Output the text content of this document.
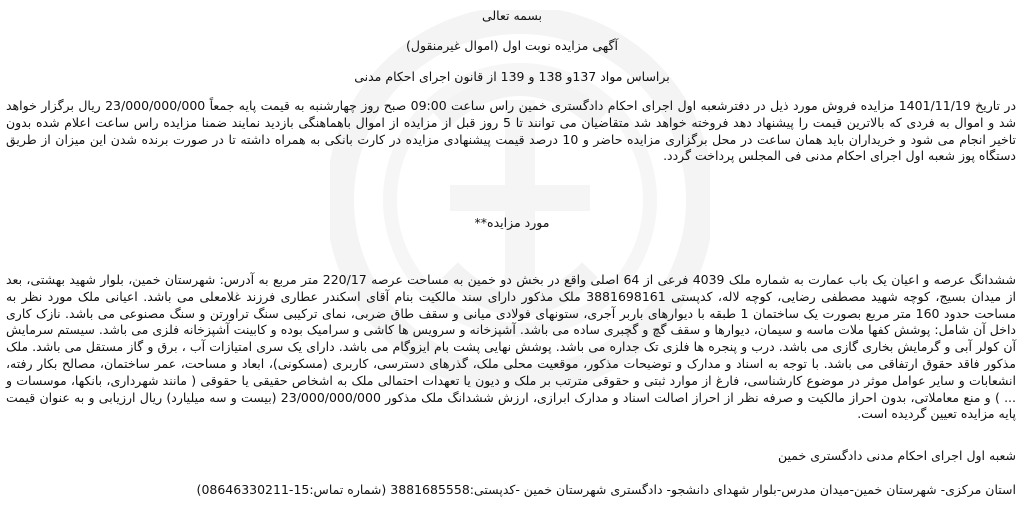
بسمه تعالی
آگهی مزایده نوبت اول (اموال غیرمنقول)
براساس مواد 137و 138 و 139 از قانون اجرای احکام مدنی
در تاریخ 1401/11/19 مزایده فروش مورد ذیل در دفترشعبه اول اجرای احکام دادگستری خمین راس ساعت 09:00 صبح روز چهارشنبه به قیمت پایه جمعاً 23/000/000/000 ریال برگزار خواهد شد و اموال به فردی که بالاترین قیمت را پیشنهاد دهد فروخته خواهد شد متقاضیان می توانند تا 5 روز قبل از مزایده از اموال باهماهنگی بازدید نمایند ضمنا مزایده راس ساعت اعلام شده بدون تاخیر انجام می شود و خریداران باید همان ساعت در محل برگزاری مزایده حاضر و 10 درصد قیمت پیشنهادی مزایده در کارت بانکی به همراه داشته تا در صورت برنده شدن این میزان از طریق دستگاه پوز شعبه اول اجرای احکام مدنی فی المجلس پرداخت گردد.
مورد مزایده**
ششدانگ عرصه و اعیان یک باب عمارت به شماره ملک 4039 فرعی از 64 اصلی واقع در بخش دو خمین به مساحت عرصه 220/17 متر مربع به آدرس: شهرستان خمین، بلوار شهید بهشتی، بعد از میدان بسیج، کوچه شهید مصطفی رضایی، کوچه لاله، کدپستی 3881698161 ملک مذکور دارای سند مالکیت بنام آقای اسکندر عطاری فرزند غلامعلی می باشد. اعیانی ملک مورد نظر به مساحت حدود 160 متر مربع بصورت یک ساختمان 1 طبقه با دیوارهای باربر آجری، ستونهای فولادی میانی و سقف طاق ضربی، نمای ترکیبی سنگ تراورتن و سنگ مصنوعی می باشد. نازک کاری داخل آن شامل: پوشش کفها ملات ماسه و سیمان، دیوارها و سقف گچ و گچبری ساده می باشد. آشپزخانه و سرویس ها کاشی و سرامیک بوده و کابینت آشپزخانه فلزی می باشد. سیستم سرمایش آن کولر آبی و گرمایش بخاری گازی می باشد. درب و پنجره ها فلزی تک جداره می باشد. پوشش نهایی پشت بام ایزوگام می باشد. دارای یک سری امتیازات آب ، برق و گاز مستقل می باشد. ملک مذکور فاقد حقوق ارتفاقی می باشد. با توجه به اسناد و مدارک و توضیحات مذکور، موقعیت محلی ملک، گذرهای دسترسی، کاربری (مسکونی)، ابعاد و مساحت، عمر ساختمان، مصالح بکار رفته، انشعابات و سایر عوامل موثر در موضوع کارشناسی، فارغ از موارد ثبتی و حقوقی مترتب بر ملک و دیون یا تعهدات احتمالی ملک به اشخاص حقیقی یا حقوقی ( مانند شهرداری، بانکها، موسسات و ... ) و منع معاملاتی، بدون احراز مالکیت و صرفه نظر از احراز اصالت اسناد و مدارک ابرازی، ارزش ششدانگ ملک مذکور 23/000/000/000 (بیست و سه میلیارد) ریال ارزیابی و به عنوان قیمت پایه مزایده تعیین گردیده است.
شعبه اول اجرای احکام مدنی دادگستری خمین
استان مرکزی- شهرستان خمین-میدان مدرس-بلوار شهدای دانشجو- دادگستری شهرستان خمین -کدپستی:3881685558 (شماره تماس:15-08646330211)
